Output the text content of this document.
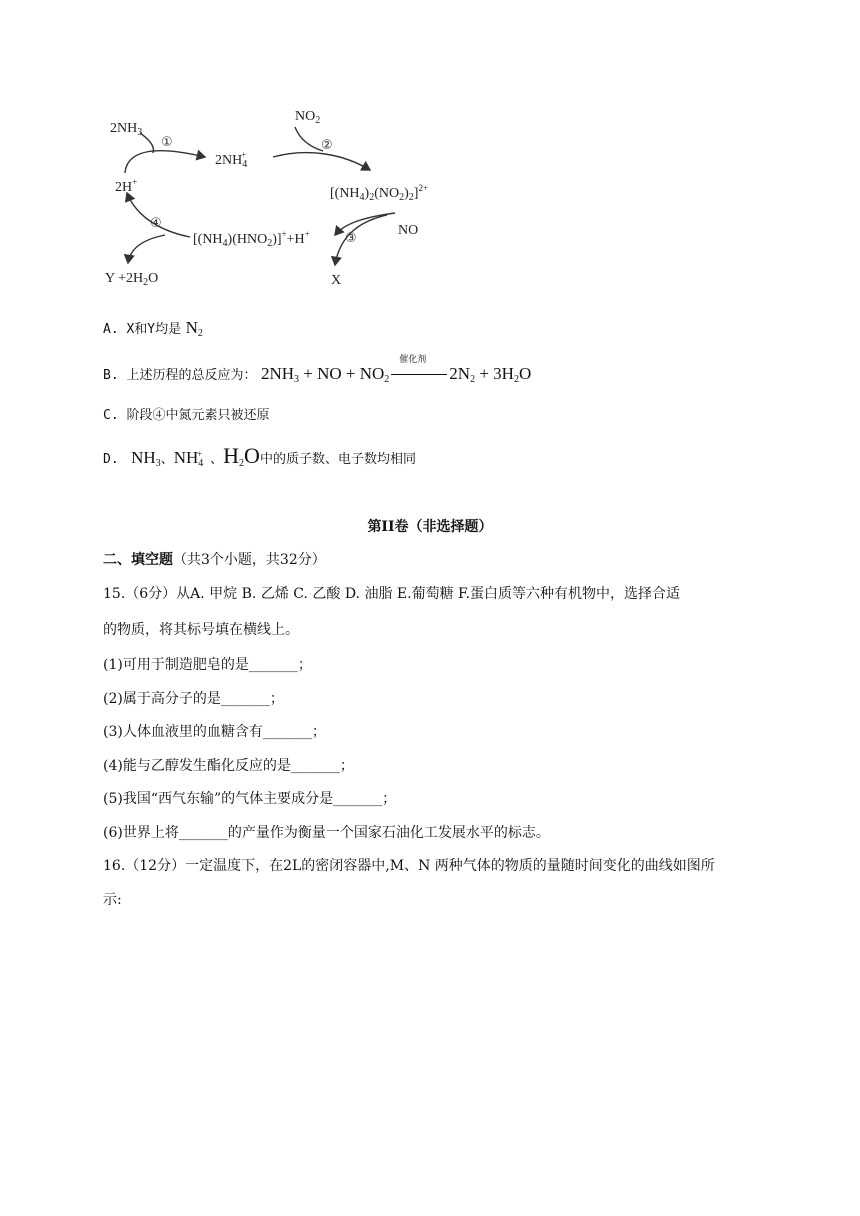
$2NH_3$
$2NH_4^+$
2H+
$NO_2$
$[(NH_4)_2(NO_2)_2]^{2+}$
NO
$[(NH_4)(HNO_2)]^++H^+$
X
$Y +2H_2O$
①	②
③
④
A. X和Y均是 $N_2$
B. 上述历程的总反应为： $2NH_3$ + NO + $NO_2$
催化剂
$2N_2 + 3H_2O$
C. 阶段④中氮元素只被还原
D. $NH_3$、$NH_4^+$ 、$H_2O$中的质子数、电子数均相同
第II卷（非选择题）
二、填空题（共3个小题，共32分）
15.（6分）从A. 甲烷 B. 乙烯 C. 乙酸 D. 油脂 E.葡萄糖 F.蛋白质等六种有机物中，选择合适
的物质，将其标号填在横线上。
(1)可用于制造肥皂的是_______；
(2)属于高分子的是_______；
(3)人体血液里的血糖含有_______；
(4)能与乙醇发生酯化反应的是_______；
(5)我国“西气东输”的气体主要成分是_______；
(6)世界上将_______的产量作为衡量一个国家石油化工发展水平的标志。
16.（12分）一定温度下，在2L的密闭容器中,M、N 两种气体的物质的量随时间变化的曲线如图所
示:
